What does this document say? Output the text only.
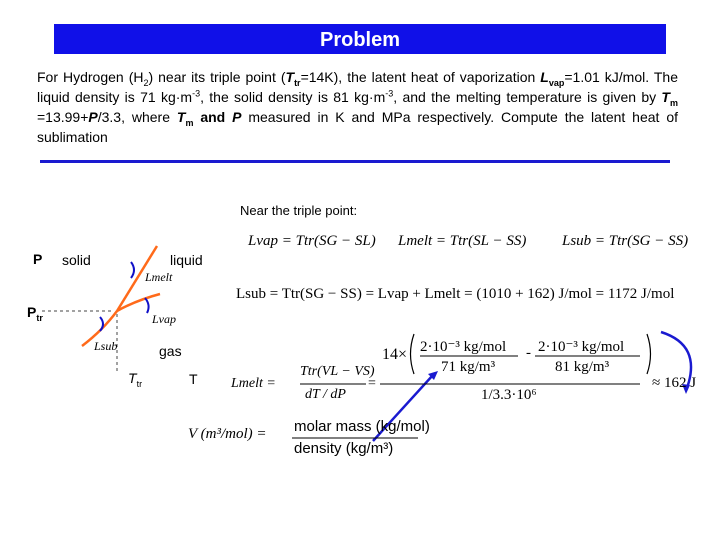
Problem
For Hydrogen $(H_2)$ near its triple point $(T_{tr}=14K)$, the latent heat of vaporization $L_{vap}=1.01$ kJ/mol. The liquid density is 71 $kg\cdot m^{-3}$, the solid density is 81 $kg\cdot m^{-3}$, and the melting temperature is given by $T_m =13.99+P/3.3$, where $T_m$ and P measured in K and MPa respectively. Compute the latent heat of sublimation
Near the triple point:
P solid	liquid
gas
$P_{tr}$
$T_{tr}$	T
Lmelt
Lvap
Lsub
Lvap = Ttr(SG − SL) Lmelt = Ttr(SL − SS) Lsub = Ttr(SG − SS)
Lsub = Ttr(SG − SS) = Lvap + Lmelt = (1010 + 162) J/mol = 1172 J/mol
Lmelt =
Ttr(VL − VS)
dT / dP
=
14× 2·10⁻³ kg/mol
71 kg/m³
- 2·10⁻³ kg/mol
81 kg/m³
1/3.3·10⁶
≈ 162 J
V (m³/mol) = molar mass (kg/mol)
density (kg/m³)
